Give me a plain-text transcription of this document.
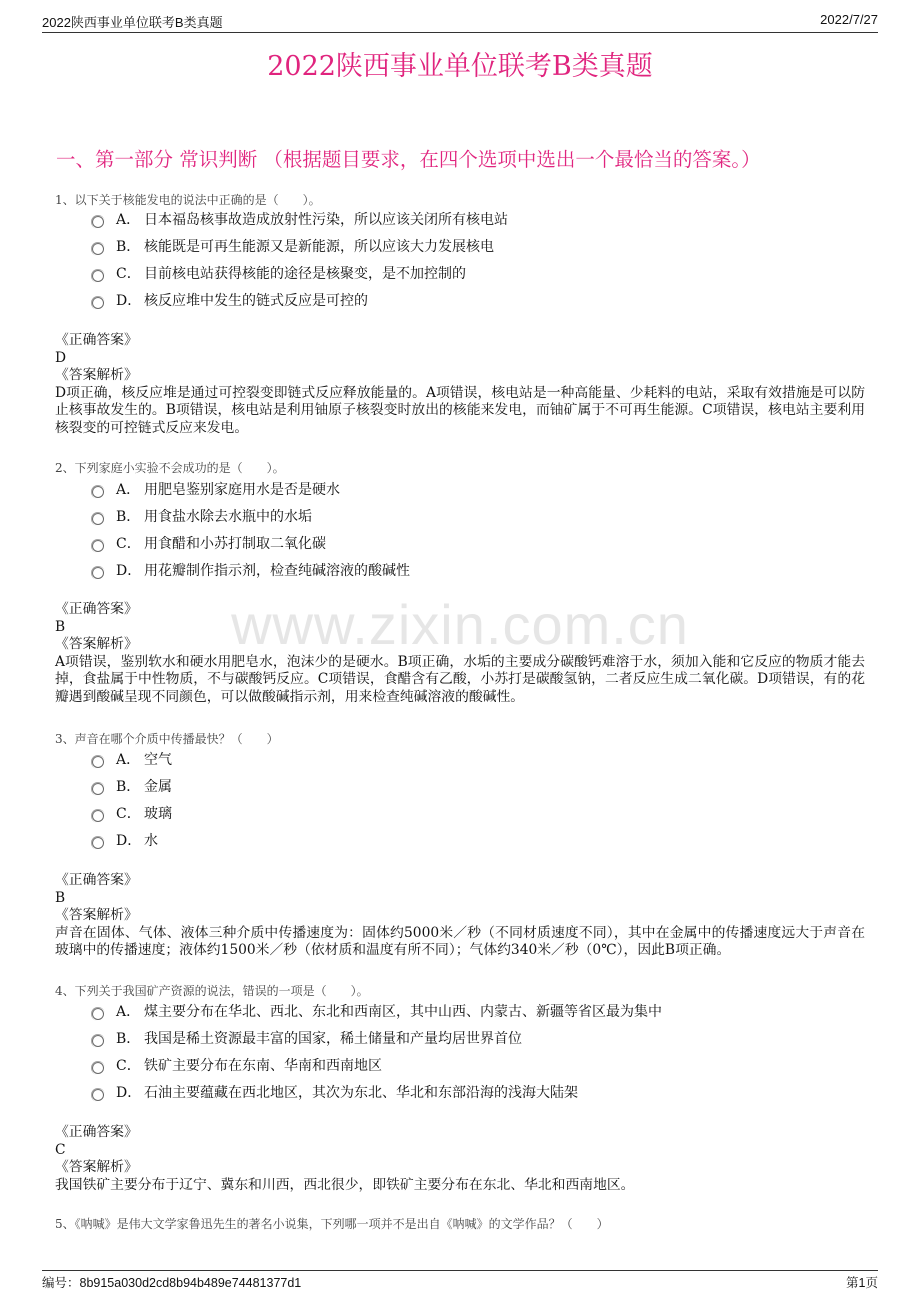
2022陕西事业单位联考B类真题	2022/7/27
www.zixin.com.cn
2022陕西事业单位联考B类真题
一、第一部分 常识判断 （根据题目要求，在四个选项中选出一个最恰当的答案。）
1、以下关于核能发电的说法中正确的是（　　）。
A． 日本福岛核事故造成放射性污染，所以应该关闭所有核电站
B． 核能既是可再生能源又是新能源，所以应该大力发展核电
C． 目前核电站获得核能的途径是核聚变，是不加控制的
D． 核反应堆中发生的链式反应是可控的
《正确答案》
D
《答案解析》
D项正确，核反应堆是通过可控裂变即链式反应释放能量的。A项错误，核电站是一种高能量、少耗料的电站，采取有效措施是可以防止核事故发生的。B项错误，核电站是利用铀原子核裂变时放出的核能来发电，而铀矿属于不可再生能源。C项错误，核电站主要利用核裂变的可控链式反应来发电。
2、下列家庭小实验不会成功的是（　　）。
A． 用肥皂鉴别家庭用水是否是硬水
B． 用食盐水除去水瓶中的水垢
C． 用食醋和小苏打制取二氧化碳
D． 用花瓣制作指示剂，检查纯碱溶液的酸碱性
《正确答案》
B
《答案解析》
A项错误，鉴别软水和硬水用肥皂水，泡沫少的是硬水。B项正确，水垢的主要成分碳酸钙难溶于水，须加入能和它反应的物质才能去掉，食盐属于中性物质，不与碳酸钙反应。C项错误，食醋含有乙酸，小苏打是碳酸氢钠，二者反应生成二氧化碳。D项错误，有的花瓣遇到酸碱呈现不同颜色，可以做酸碱指示剂，用来检查纯碱溶液的酸碱性。
3、声音在哪个介质中传播最快？（　　）
A． 空气
B． 金属
C． 玻璃
D． 水
《正确答案》
B
《答案解析》
声音在固体、气体、液体三种介质中传播速度为：固体约5000米／秒（不同材质速度不同），其中在金属中的传播速度远大于声音在玻璃中的传播速度；液体约1500米／秒（依材质和温度有所不同）；气体约340米／秒（0℃），因此B项正确。
4、下列关于我国矿产资源的说法，错误的一项是（　　）。
A． 煤主要分布在华北、西北、东北和西南区，其中山西、内蒙古、新疆等省区最为集中
B． 我国是稀土资源最丰富的国家，稀土储量和产量均居世界首位
C． 铁矿主要分布在东南、华南和西南地区
D． 石油主要蕴藏在西北地区，其次为东北、华北和东部沿海的浅海大陆架
《正确答案》
C
《答案解析》
我国铁矿主要分布于辽宁、冀东和川西，西北很少，即铁矿主要分布在东北、华北和西南地区。
5、《呐喊》是伟大文学家鲁迅先生的著名小说集，下列哪一项并不是出自《呐喊》的文学作品？（　　）
编号：8b915a030d2cd8b94b489e74481377d1	第1页
